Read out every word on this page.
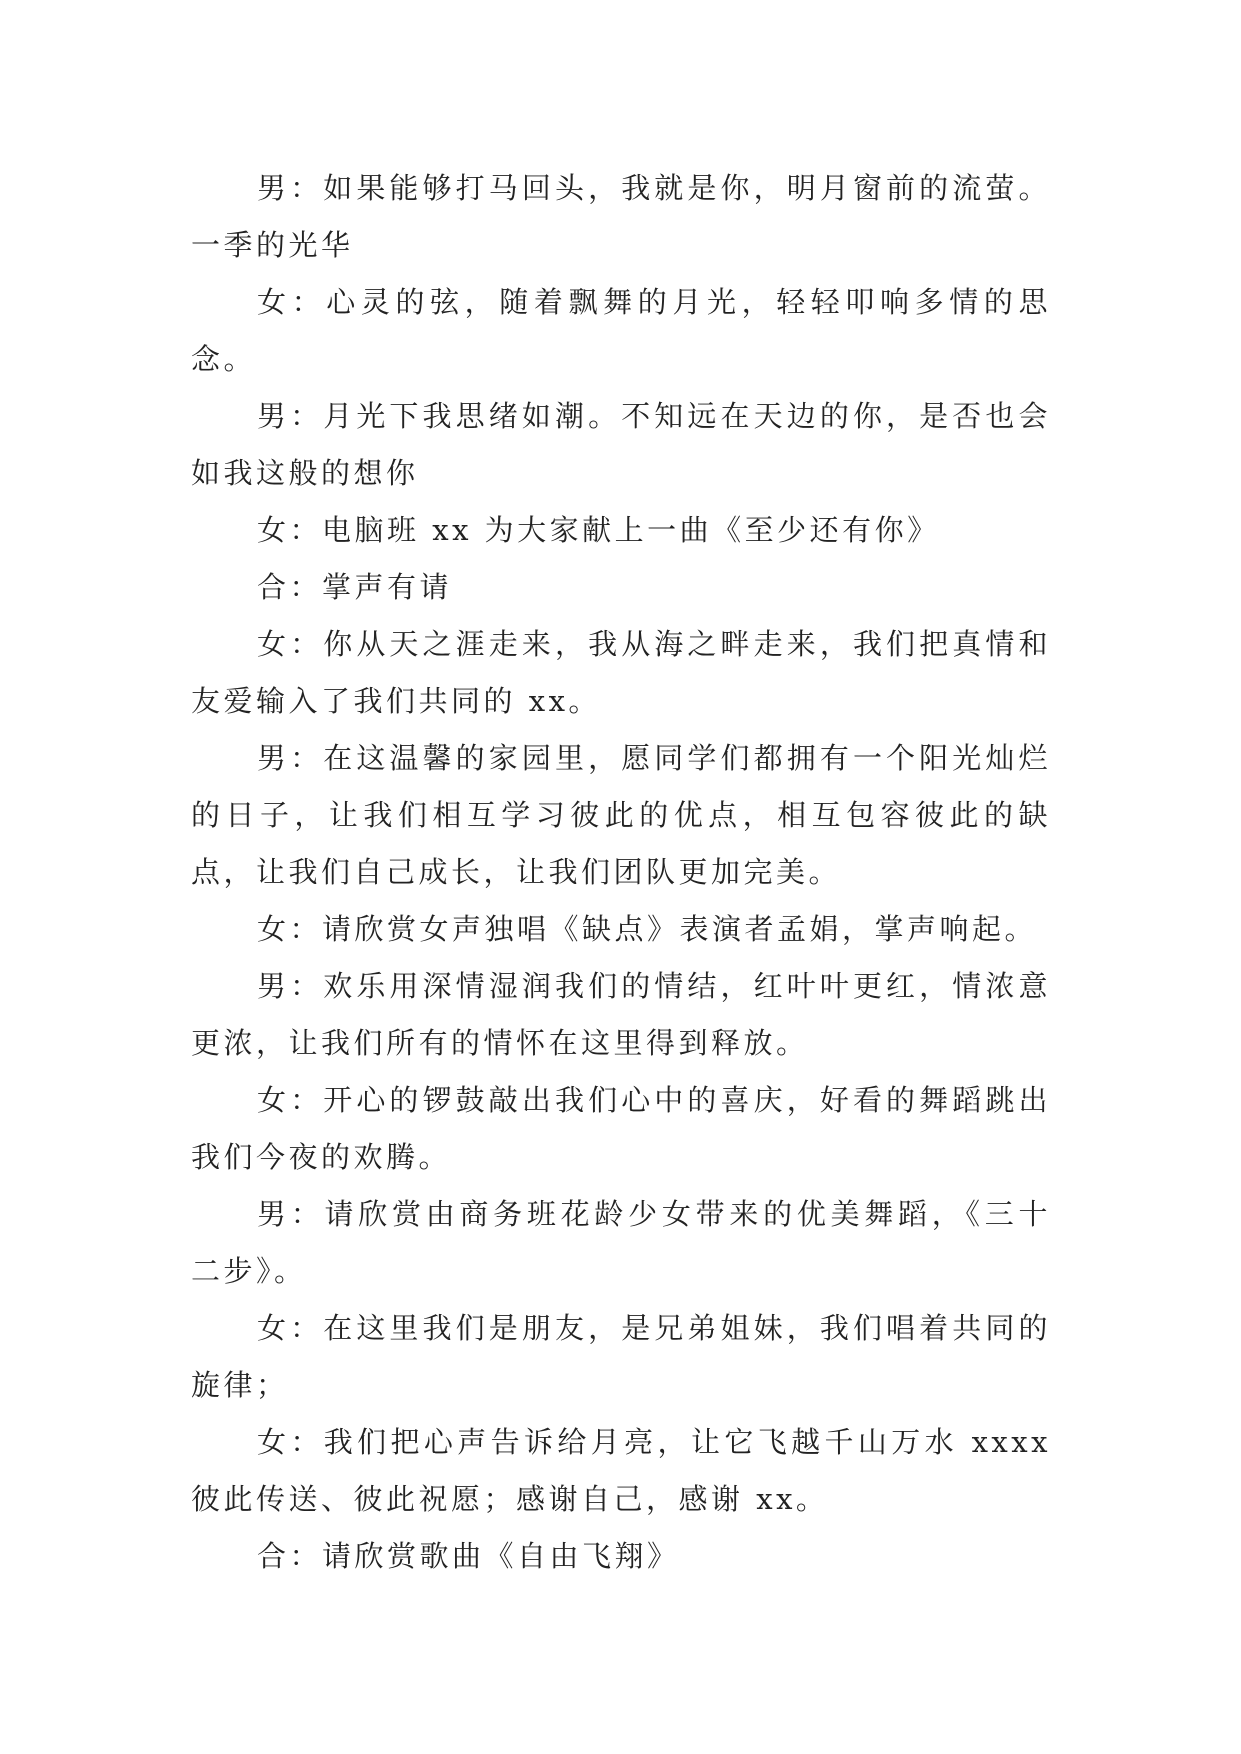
男：如果能够打马回头，我就是你，明月窗前的流萤。一季的光华

女：心灵的弦，随着飘舞的月光，轻轻叩响多情的思念。

男：月光下我思绪如潮。不知远在天边的你，是否也会如我这般的想你

女：电脑班 xx 为大家献上一曲《至少还有你》

合：掌声有请

女：你从天之涯走来，我从海之畔走来，我们把真情和友爱输入了我们共同的 xx。

男：在这温馨的家园里，愿同学们都拥有一个阳光灿烂的日子，让我们相互学习彼此的优点，相互包容彼此的缺点，让我们自己成长，让我们团队更加完美。

女：请欣赏女声独唱《缺点》表演者孟娟，掌声响起。

男：欢乐用深情湿润我们的情结，红叶叶更红，情浓意更浓，让我们所有的情怀在这里得到释放。

女：开心的锣鼓敲出我们心中的喜庆，好看的舞蹈跳出我们今夜的欢腾。

男：请欣赏由商务班花龄少女带来的优美舞蹈，《三十二步》。

女：在这里我们是朋友，是兄弟姐妹，我们唱着共同的旋律；

女：我们把心声告诉给月亮，让它飞越千山万水 xxxx 彼此传送、彼此祝愿；感谢自己，感谢 xx。

合：请欣赏歌曲《自由飞翔》
